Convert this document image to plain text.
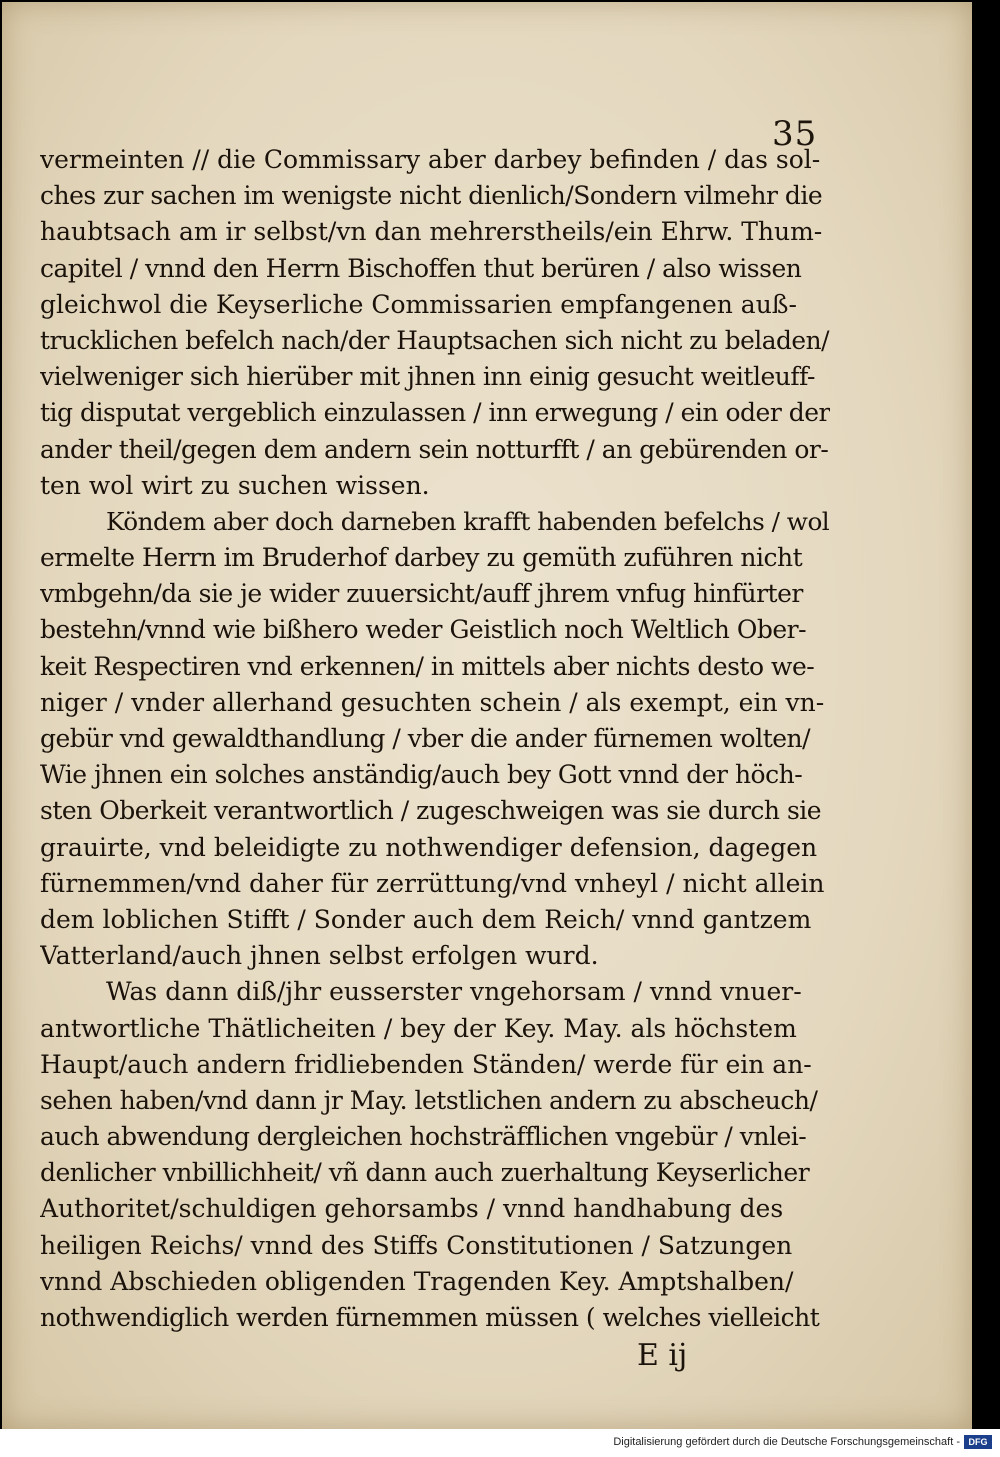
35
vermeinten // die Commissary aber darbey befinden / das sol-
ches zur sachen im wenigste nicht dienlich/Sondern vilmehr die
haubtsach am ir selbst/vn dan mehrerstheils/ein Ehrw. Thum-
capitel / vnnd den Herrn Bischoffen thut berüren / also wissen
gleichwol die Keyserliche Commissarien empfangenen auß-
trucklichen befelch nach/der Hauptsachen sich nicht zu beladen/
vielweniger sich hierüber mit jhnen inn einig gesucht weitleuff-
tig disputat vergeblich einzulassen / inn erwegung / ein oder der
ander theil/gegen dem andern sein notturfft / an gebürenden or-
ten wol wirt zu suchen wissen.
Köndem aber doch darneben krafft habenden befelchs / wol
ermelte Herrn im Bruderhof darbey zu gemüth zuführen nicht
vmbgehn/da sie je wider zuuersicht/auff jhrem vnfug hinfürter
bestehn/vnnd wie bißhero weder Geistlich noch Weltlich Ober-
keit Respectiren vnd erkennen/ in mittels aber nichts desto we-
niger / vnder allerhand gesuchten schein / als exempt, ein vn-
gebür vnd gewaldthandlung / vber die ander fürnemen wolten/
Wie jhnen ein solches anständig/auch bey Gott vnnd der höch-
sten Oberkeit verantwortlich / zugeschweigen was sie durch sie
grauirte, vnd beleidigte zu nothwendiger defension, dagegen
fürnemmen/vnd daher für zerrüttung/vnd vnheyl / nicht allein
dem loblichen Stifft / Sonder auch dem Reich/ vnnd gantzem
Vatterland/auch jhnen selbst erfolgen wurd.
Was dann diß/jhr eusserster vngehorsam / vnnd vnuer-
antwortliche Thätlicheiten / bey der Key. May. als höchstem
Haupt/auch andern fridliebenden Ständen/ werde für ein an-
sehen haben/vnd dann jr May. letstlichen andern zu abscheuch/
auch abwendung dergleichen hochsträfflichen vngebür / vnlei-
denlicher vnbillichheit/ vñ dann auch zuerhaltung Keyserlicher
Authoritet/schuldigen gehorsambs / vnnd handhabung des
heiligen Reichs/ vnnd des Stiffs Constitutionen / Satzungen
vnnd Abschieden obligenden Tragenden Key. Amptshalben/
nothwendiglich werden fürnemmen müssen ( welches vielleicht
E ij
Digitalisierung gefördert durch die Deutsche Forschungsgemeinschaft - DFG
